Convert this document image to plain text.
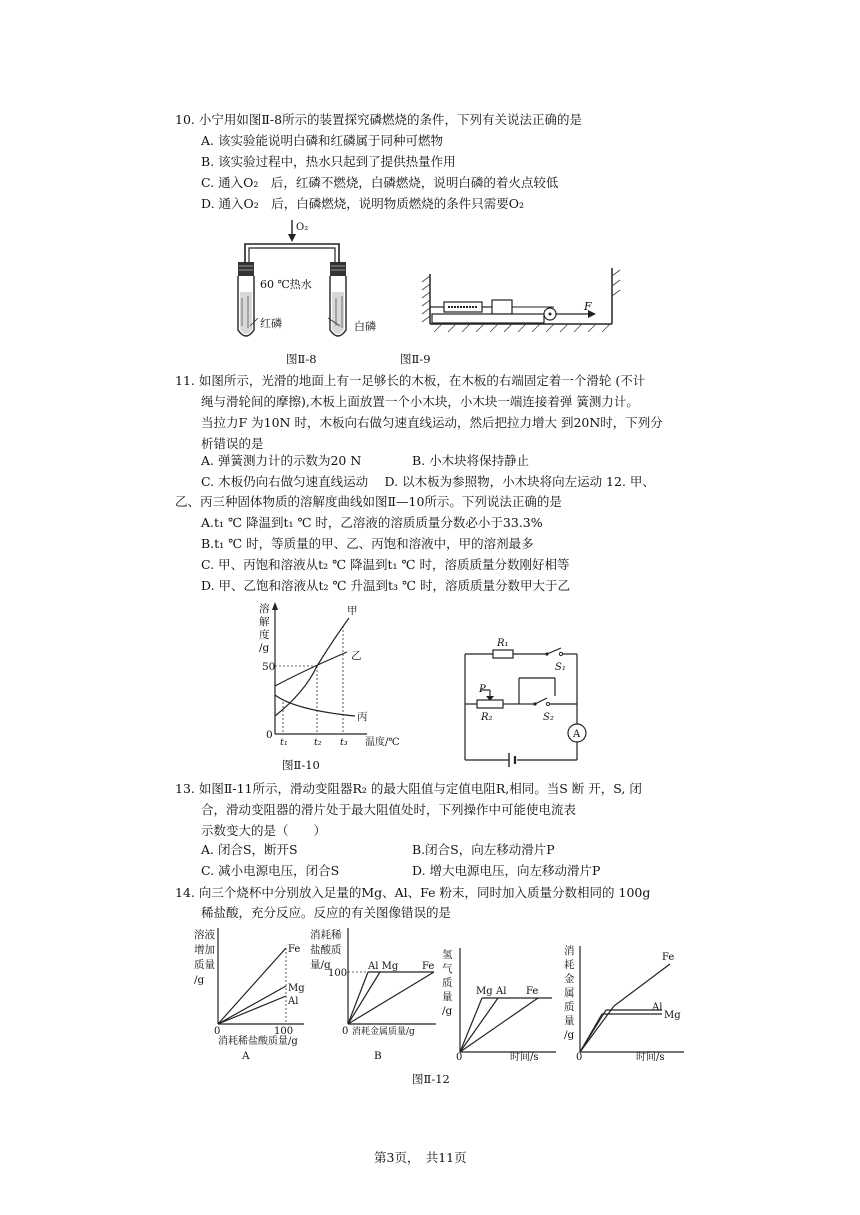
10. 小宁用如图Ⅱ-8所示的装置探究磷燃烧的条件，下列有关说法正确的是
A. 该实验能说明白磷和红磷属于同种可燃物
B. 该实验过程中，热水只起到了提供热量作用
C. 通入O₂　后，红磷不燃烧，白磷燃烧，说明白磷的着火点较低
D. 通入O₂　后，白磷燃烧，说明物质燃烧的条件只需要O₂
O₂
60 ℃热水
红磷	白磷
F
图Ⅱ-8	图Ⅱ-9
11. 如图所示，光滑的地面上有一足够长的木板，在木板的右端固定着一个滑轮 (不计
绳与滑轮间的摩擦),木板上面放置一个小木块，小木块一端连接着弹 簧测力计。
当拉力F 为10N 时，木板向右做匀速直线运动，然后把拉力增大 到20N时，下列分
析错误的是
A. 弹簧测力计的示数为20 N	B. 小木块将保持静止
C. 木板仍向右做匀速直线运动　 D. 以木板为参照物，小木块将向左运动 12. 甲、
乙、丙三种固体物质的溶解度曲线如图Ⅱ—10所示。下列说法正确的是
A.t₁ ℃ 降温到t₁ ℃ 时，乙溶液的溶质质量分数必小于33.3%
B.t₁ ℃ 时，等质量的甲、乙、丙饱和溶液中，甲的溶剂最多
C. 甲、丙饱和溶液从t₂ ℃ 降温到t₁ ℃ 时，溶质质量分数刚好相等
D. 甲、乙饱和溶液从t₂ ℃ 升温到t₃ ℃ 时，溶质质量分数甲大于乙
溶
解
度
/g
50
0
甲
乙
丙
t₁	t₂ t₃ 温度/℃
图Ⅱ-10
R₁
S₁
P
R₂	S₂
A
13. 如图Ⅱ-11所示，滑动变阻器R₂ 的最大阻值与定值电阻R,相同。当S 断 开，S, 闭
合，滑动变阻器的滑片处于最大阻值处时，下列操作中可能使电流表
示数变大的是（　　）
A. 闭合S，断开S	B.闭合S，向左移动滑片P
C. 减小电源电压，闭合S	D. 增大电源电压，向左移动滑片P
14. 向三个烧杯中分别放入足量的Mg、Al、Fe 粉末，同时加入质量分数相同的 100g
稀盐酸，充分反应。反应的有关图像错误的是
溶液
增加
质量
/g
Fe
Mg
Al
0	100
消耗稀盐酸质量/g
A
消耗稀
盐酸质
量/g
100
Al Mg Fe
0 消耗金属质量/g
B
氢
气
质
量
/g
Mg Al Fe
0	时间/s
消
耗
金
属
质
量
/g
Fe
Al
Mg
0	时间/s
图Ⅱ-12
第3页，　共11页
